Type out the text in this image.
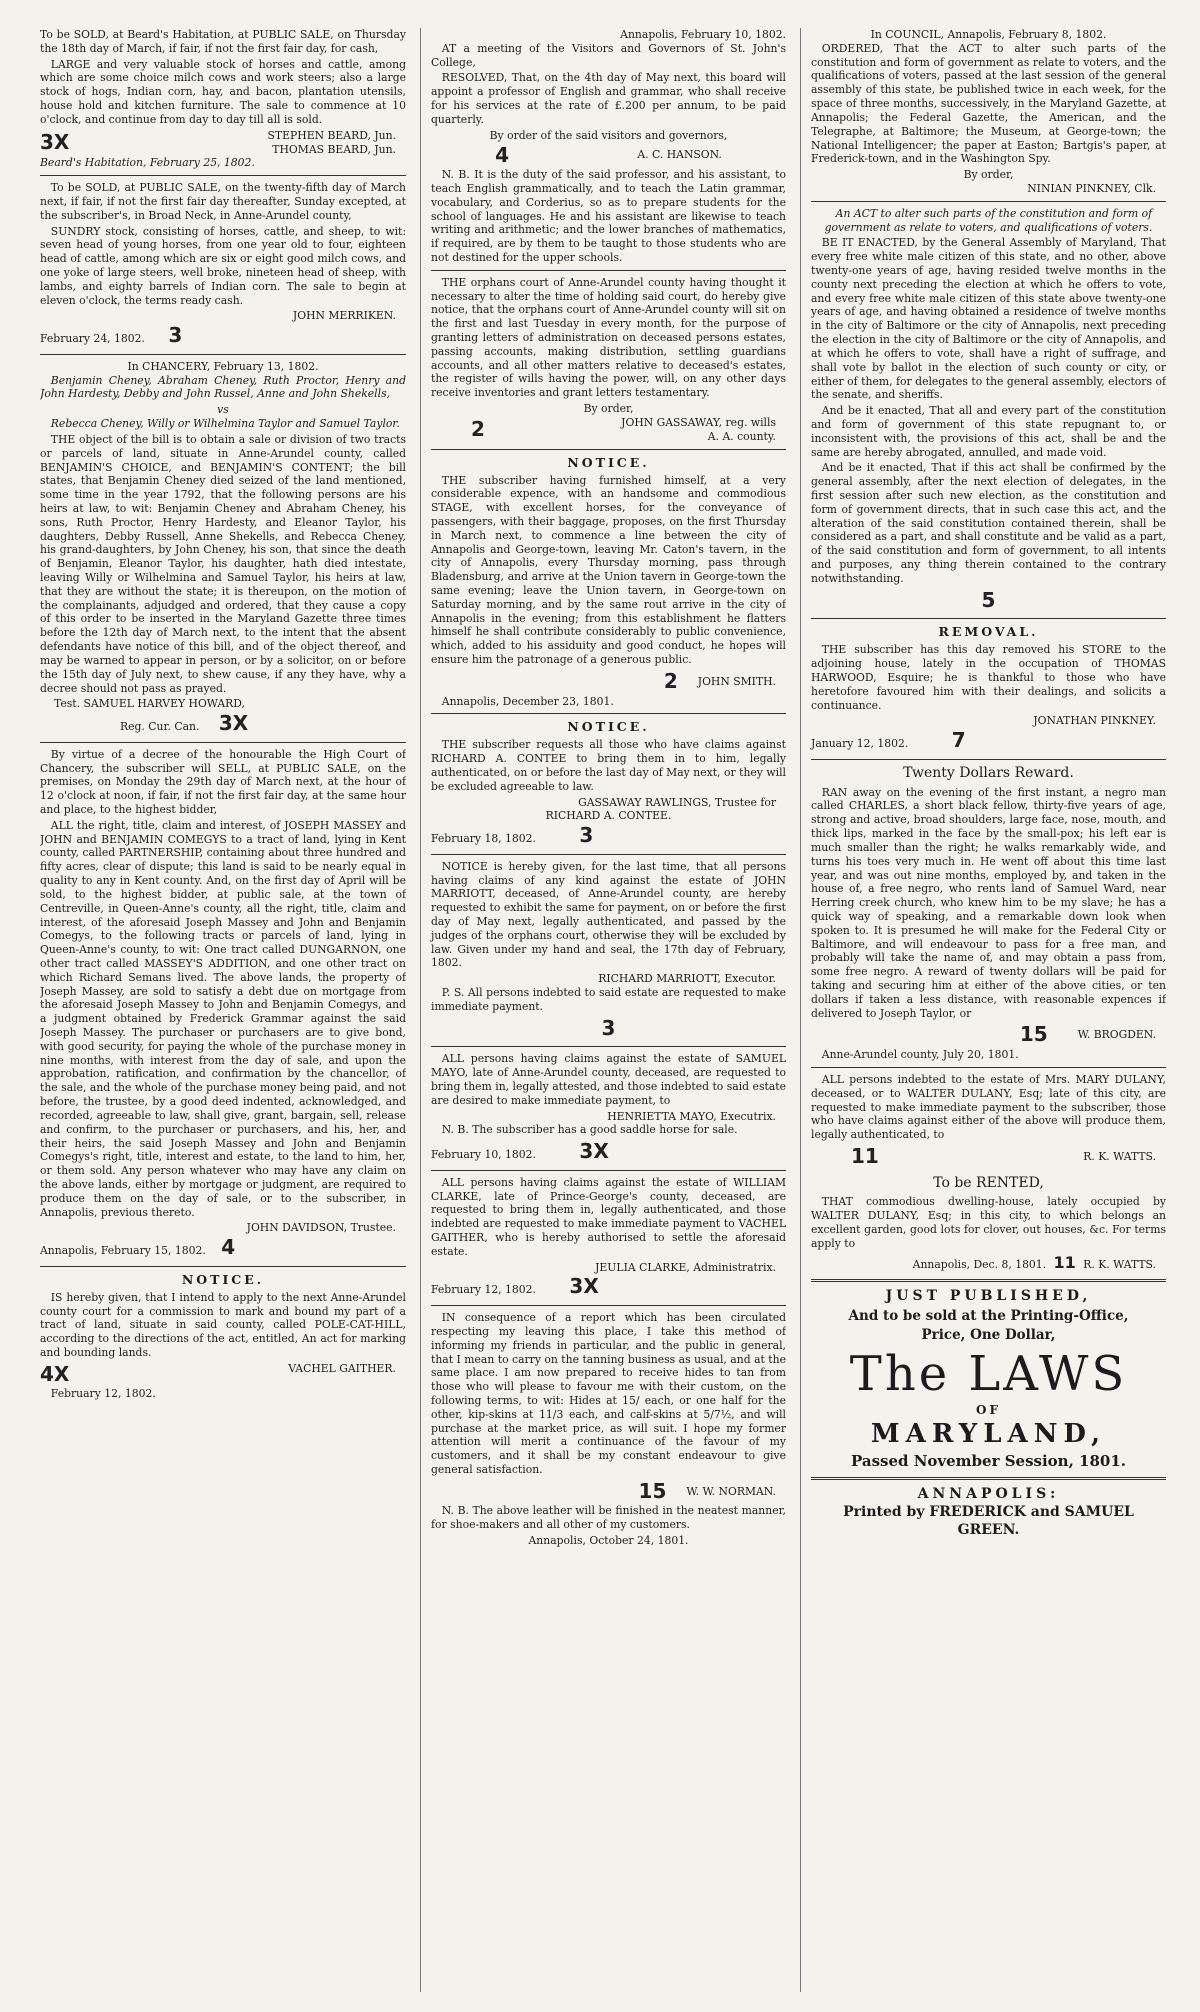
To be SOLD, at Beard's Habitation, at PUBLIC SALE, on Thursday the 18th day of March, if fair, if not the first fair day, for cash,

LARGE and very valuable stock of horses and cattle, among which are some choice milch cows and work steers; also a large stock of hogs, Indian corn, hay, and bacon, plantation utensils, house hold and kitchen furniture. The sale to commence at 10 o'clock, and continue from day to day till all is sold.

3X	STEPHEN BEARD, Jun.
THOMAS BEARD, Jun.
Beard's Habitation, February 25, 1802.

To be SOLD, at PUBLIC SALE, on the twenty-fifth day of March next, if fair, if not the first fair day thereafter, Sunday excepted, at the subscriber's, in Broad Neck, in Anne-Arundel county,

SUNDRY stock, consisting of horses, cattle, and sheep, to wit: seven head of young horses, from one year old to four, eighteen head of cattle, among which are six or eight good milch cows, and one yoke of large steers, well broke, nineteen head of sheep, with lambs, and eighty barrels of Indian corn. The sale to begin at eleven o'clock, the terms ready cash.

JOHN MERRIKEN.
February 24, 1802. 3
In CHANCERY, February 13, 1802.

Benjamin Cheney, Abraham Cheney, Ruth Proctor, Henry and John Hardesty, Debby and John Russel, Anne and John Shekells,

vs

Rebecca Cheney, Willy or Wilhelmina Taylor and Samuel Taylor.

THE object of the bill is to obtain a sale or division of two tracts or parcels of land, situate in Anne-Arundel county, called BENJAMIN'S CHOICE, and BENJAMIN'S CONTENT; the bill states, that Benjamin Cheney died seized of the land mentioned, some time in the year 1792, that the following persons are his heirs at law, to wit: Benjamin Cheney and Abraham Cheney, his sons, Ruth Proctor, Henry Hardesty, and Eleanor Taylor, his daughters, Debby Russell, Anne Shekells, and Rebecca Cheney, his grand-daughters, by John Cheney, his son, that since the death of Benjamin, Eleanor Taylor, his daughter, hath died intestate, leaving Willy or Wilhelmina and Samuel Taylor, his heirs at law, that they are without the state; it is thereupon, on the motion of the complainants, adjudged and ordered, that they cause a copy of this order to be inserted in the Maryland Gazette three times before the 12th day of March next, to the intent that the absent defendants have notice of this bill, and of the object thereof, and may be warned to appear in person, or by a solicitor, on or before the 15th day of July next, to shew cause, if any they have, why a decree should not pass as prayed.

Test. SAMUEL HARVEY HOWARD,
Reg. Cur. Can. 3X

By virtue of a decree of the honourable the High Court of Chancery, the subscriber will SELL, at PUBLIC SALE, on the premises, on Monday the 29th day of March next, at the hour of 12 o'clock at noon, if fair, if not the first fair day, at the same hour and place, to the highest bidder,

ALL the right, title, claim and interest, of JOSEPH MASSEY and JOHN and BENJAMIN COMEGYS to a tract of land, lying in Kent county, called PARTNERSHIP, containing about three hundred and fifty acres, clear of dispute; this land is said to be nearly equal in quality to any in Kent county. And, on the first day of April will be sold, to the highest bidder, at public sale, at the town of Centreville, in Queen-Anne's county, all the right, title, claim and interest, of the aforesaid Joseph Massey and John and Benjamin Comegys, to the following tracts or parcels of land, lying in Queen-Anne's county, to wit: One tract called DUNGARNON, one other tract called MASSEY'S ADDITION, and one other tract on which Richard Semans lived. The above lands, the property of Joseph Massey, are sold to satisfy a debt due on mortgage from the aforesaid Joseph Massey to John and Benjamin Comegys, and a judgment obtained by Frederick Grammar against the said Joseph Massey. The purchaser or purchasers are to give bond, with good security, for paying the whole of the purchase money in nine months, with interest from the day of sale, and upon the approbation, ratification, and confirmation by the chancellor, of the sale, and the whole of the purchase money being paid, and not before, the trustee, by a good deed indented, acknowledged, and recorded, agreeable to law, shall give, grant, bargain, sell, release and confirm, to the purchaser or purchasers, and his, her, and their heirs, the said Joseph Massey and John and Benjamin Comegys's right, title, interest and estate, to the land to him, her, or them sold. Any person whatever who may have any claim on the above lands, either by mortgage or judgment, are required to produce them on the day of sale, or to the subscriber, in Annapolis, previous thereto.

JOHN DAVIDSON, Trustee.
Annapolis, February 15, 1802. 4
NOTICE.

IS hereby given, that I intend to apply to the next Anne-Arundel county court for a commission to mark and bound my part of a tract of land, situate in said county, called POLE-CAT-HILL, according to the directions of the act, entitled, An act for marking and bounding lands.

4X	VACHEL GAITHER.
February 12, 1802.
Annapolis, February 10, 1802.

AT a meeting of the Visitors and Governors of St. John's College,

RESOLVED, That, on the 4th day of May next, this board will appoint a professor of English and grammar, who shall receive for his services at the rate of £.200 per annum, to be paid quarterly.

By order of the said visitors and governors,
4	A. C. HANSON.

N. B. It is the duty of the said professor, and his assistant, to teach English grammatically, and to teach the Latin grammar, vocabulary, and Corderius, so as to prepare students for the school of languages. He and his assistant are likewise to teach writing and arithmetic; and the lower branches of mathematics, if required, are by them to be taught to those students who are not destined for the upper schools.

THE orphans court of Anne-Arundel county having thought it necessary to alter the time of holding said court, do hereby give notice, that the orphans court of Anne-Arundel county will sit on the first and last Tuesday in every month, for the purpose of granting letters of administration on deceased persons estates, passing accounts, making distribution, settling guardians accounts, and all other matters relative to deceased's estates, the register of wills having the power, will, on any other days receive inventories and grant letters testamentary.

By order,
2	JOHN GASSAWAY, reg. wills
A. A. county.
NOTICE.

THE subscriber having furnished himself, at a very considerable expence, with an handsome and commodious STAGE, with excellent horses, for the conveyance of passengers, with their baggage, proposes, on the first Thursday in March next, to commence a line between the city of Annapolis and George-town, leaving Mr. Caton's tavern, in the city of Annapolis, every Thursday morning, pass through Bladensburg, and arrive at the Union tavern in George-town the same evening; leave the Union tavern, in George-town on Saturday morning, and by the same rout arrive in the city of Annapolis in the evening; from this establishment he flatters himself he shall contribute considerably to public convenience, which, added to his assiduity and good conduct, he hopes will ensure him the patronage of a generous public.

2 JOHN SMITH.
Annapolis, December 23, 1801.
NOTICE.

THE subscriber requests all those who have claims against RICHARD A. CONTEE to bring them in to him, legally authenticated, on or before the last day of May next, or they will be excluded agreeable to law.

GASSAWAY RAWLINGS, Trustee for
RICHARD A. CONTEE.
February 18, 1802. 3

NOTICE is hereby given, for the last time, that all persons having claims of any kind against the estate of JOHN MARRIOTT, deceased, of Anne-Arundel county, are hereby requested to exhibit the same for payment, on or before the first day of May next, legally authenticated, and passed by the judges of the orphans court, otherwise they will be excluded by law. Given under my hand and seal, the 17th day of February, 1802.

RICHARD MARRIOTT, Executor.

P. S. All persons indebted to said estate are requested to make immediate payment.

3

ALL persons having claims against the estate of SAMUEL MAYO, late of Anne-Arundel county, deceased, are requested to bring them in, legally attested, and those indebted to said estate are desired to make immediate payment, to

HENRIETTA MAYO, Executrix.

N. B. The subscriber has a good saddle horse for sale.

February 10, 1802. 3X

ALL persons having claims against the estate of WILLIAM CLARKE, late of Prince-George's county, deceased, are requested to bring them in, legally authenticated, and those indebted are requested to make immediate payment to VACHEL GAITHER, who is hereby authorised to settle the aforesaid estate.

JEULIA CLARKE, Administratrix.
February 12, 1802. 3X

IN consequence of a report which has been circulated respecting my leaving this place, I take this method of informing my friends in particular, and the public in general, that I mean to carry on the tanning business as usual, and at the same place. I am now prepared to receive hides to tan from those who will please to favour me with their custom, on the following terms, to wit: Hides at 15/ each, or one half for the other, kip-skins at 11/3 each, and calf-skins at 5/7½, and will purchase at the market price, as will suit. I hope my former attention will merit a continuance of the favour of my customers, and it shall be my constant endeavour to give general satisfaction.

15 W. W. NORMAN.

N. B. The above leather will be finished in the neatest manner, for shoe-makers and all other of my customers.

Annapolis, October 24, 1801.
In COUNCIL, Annapolis, February 8, 1802.

ORDERED, That the ACT to alter such parts of the constitution and form of government as relate to voters, and the qualifications of voters, passed at the last session of the general assembly of this state, be published twice in each week, for the space of three months, successively, in the Maryland Gazette, at Annapolis; the Federal Gazette, the American, and the Telegraphe, at Baltimore; the Museum, at George-town; the National Intelligencer; the paper at Easton; Bartgis's paper, at Frederick-town, and in the Washington Spy.

By order,
NINIAN PINKNEY, Clk.

An ACT to alter such parts of the constitution and form of government as relate to voters, and qualifications of voters.

BE IT ENACTED, by the General Assembly of Maryland, That every free white male citizen of this state, and no other, above twenty-one years of age, having resided twelve months in the county next preceding the election at which he offers to vote, and every free white male citizen of this state above twenty-one years of age, and having obtained a residence of twelve months in the city of Baltimore or the city of Annapolis, next preceding the election in the city of Baltimore or the city of Annapolis, and at which he offers to vote, shall have a right of suffrage, and shall vote by ballot in the election of such county or city, or either of them, for delegates to the general assembly, electors of the senate, and sheriffs.

And be it enacted, That all and every part of the constitution and form of government of this state repugnant to, or inconsistent with, the provisions of this act, shall be and the same are hereby abrogated, annulled, and made void.

And be it enacted, That if this act shall be confirmed by the general assembly, after the next election of delegates, in the first session after such new election, as the constitution and form of government directs, that in such case this act, and the alteration of the said constitution contained therein, shall be considered as a part, and shall constitute and be valid as a part, of the said constitution and form of government, to all intents and purposes, any thing therein contained to the contrary notwithstanding.

5
REMOVAL.

THE subscriber has this day removed his STORE to the adjoining house, lately in the occupation of THOMAS HARWOOD, Esquire; he is thankful to those who have heretofore favoured him with their dealings, and solicits a continuance.

JONATHAN PINKNEY.
January 12, 1802. 7
Twenty Dollars Reward.

RAN away on the evening of the first instant, a negro man called CHARLES, a short black fellow, thirty-five years of age, strong and active, broad shoulders, large face, nose, mouth, and thick lips, marked in the face by the small-pox; his left ear is much smaller than the right; he walks remarkably wide, and turns his toes very much in. He went off about this time last year, and was out nine months, employed by, and taken in the house of, a free negro, who rents land of Samuel Ward, near Herring creek church, who knew him to be my slave; he has a quick way of speaking, and a remarkable down look when spoken to. It is presumed he will make for the Federal City or Baltimore, and will endeavour to pass for a free man, and probably will take the name of, and may obtain a pass from, some free negro. A reward of twenty dollars will be paid for taking and securing him at either of the above cities, or ten dollars if taken a less distance, with reasonable expences if delivered to Joseph Taylor, or

15	W. BROGDEN.
Anne-Arundel county, July 20, 1801.

ALL persons indebted to the estate of Mrs. MARY DULANY, deceased, or to WALTER DULANY, Esq; late of this city, are requested to make immediate payment to the subscriber, those who have claims against either of the above will produce them, legally authenticated, to

11	R. K. WATTS.
To be RENTED,

THAT commodious dwelling-house, lately occupied by WALTER DULANY, Esq; in this city, to which belongs an excellent garden, good lots for clover, out houses, &c. For terms apply to

Annapolis, Dec. 8, 1801. 11 R. K. WATTS.
JUST PUBLISHED,
And to be sold at the Printing-Office,
Price, One Dollar,
The LAWS
OF
MARYLAND,
Passed November Session, 1801.
ANNAPOLIS:
Printed by FREDERICK and SAMUEL GREEN.
